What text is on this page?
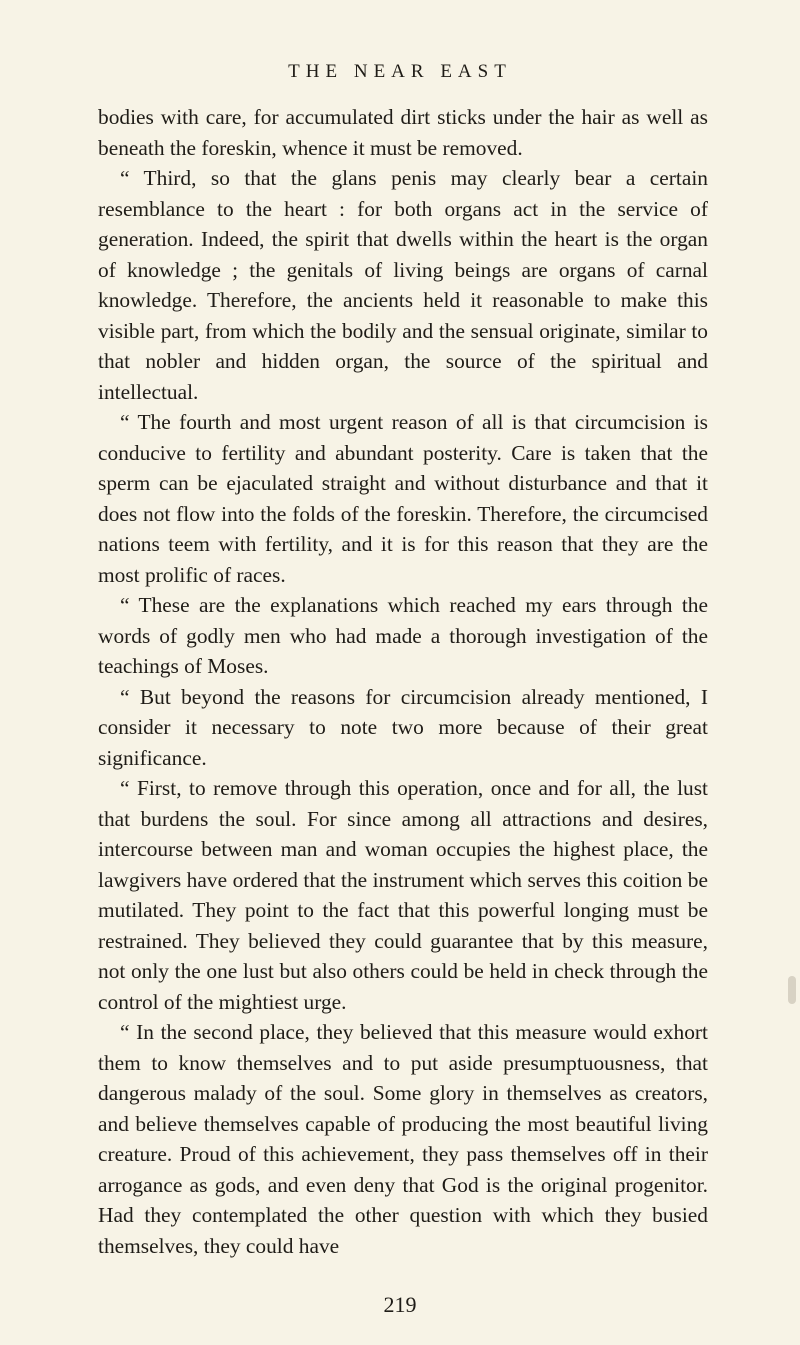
THE NEAR EAST

bodies with care, for accumulated dirt sticks under the hair as well as beneath the foreskin, whence it must be removed.

“ Third, so that the glans penis may clearly bear a certain resemblance to the heart : for both organs act in the service of generation. Indeed, the spirit that dwells within the heart is the organ of knowledge ; the genitals of living beings are organs of carnal knowledge. Therefore, the ancients held it reasonable to make this visible part, from which the bodily and the sensual originate, similar to that nobler and hidden organ, the source of the spiritual and intellectual.

“ The fourth and most urgent reason of all is that circumcision is conducive to fertility and abundant posterity. Care is taken that the sperm can be ejaculated straight and without disturbance and that it does not flow into the folds of the foreskin. Therefore, the circumcised nations teem with fertility, and it is for this reason that they are the most prolific of races.

“ These are the explanations which reached my ears through the words of godly men who had made a thorough investigation of the teachings of Moses.

“ But beyond the reasons for circumcision already mentioned, I consider it necessary to note two more because of their great significance.

“ First, to remove through this operation, once and for all, the lust that burdens the soul. For since among all attractions and desires, intercourse between man and woman occupies the highest place, the lawgivers have ordered that the instrument which serves this coition be mutilated. They point to the fact that this powerful longing must be restrained. They believed they could guarantee that by this measure, not only the one lust but also others could be held in check through the control of the mightiest urge.

“ In the second place, they believed that this measure would exhort them to know themselves and to put aside presumptuousness, that dangerous malady of the soul. Some glory in themselves as creators, and believe themselves capable of producing the most beautiful living creature. Proud of this achievement, they pass themselves off in their arrogance as gods, and even deny that God is the original progenitor. Had they contemplated the other question with which they busied themselves, they could have

219
